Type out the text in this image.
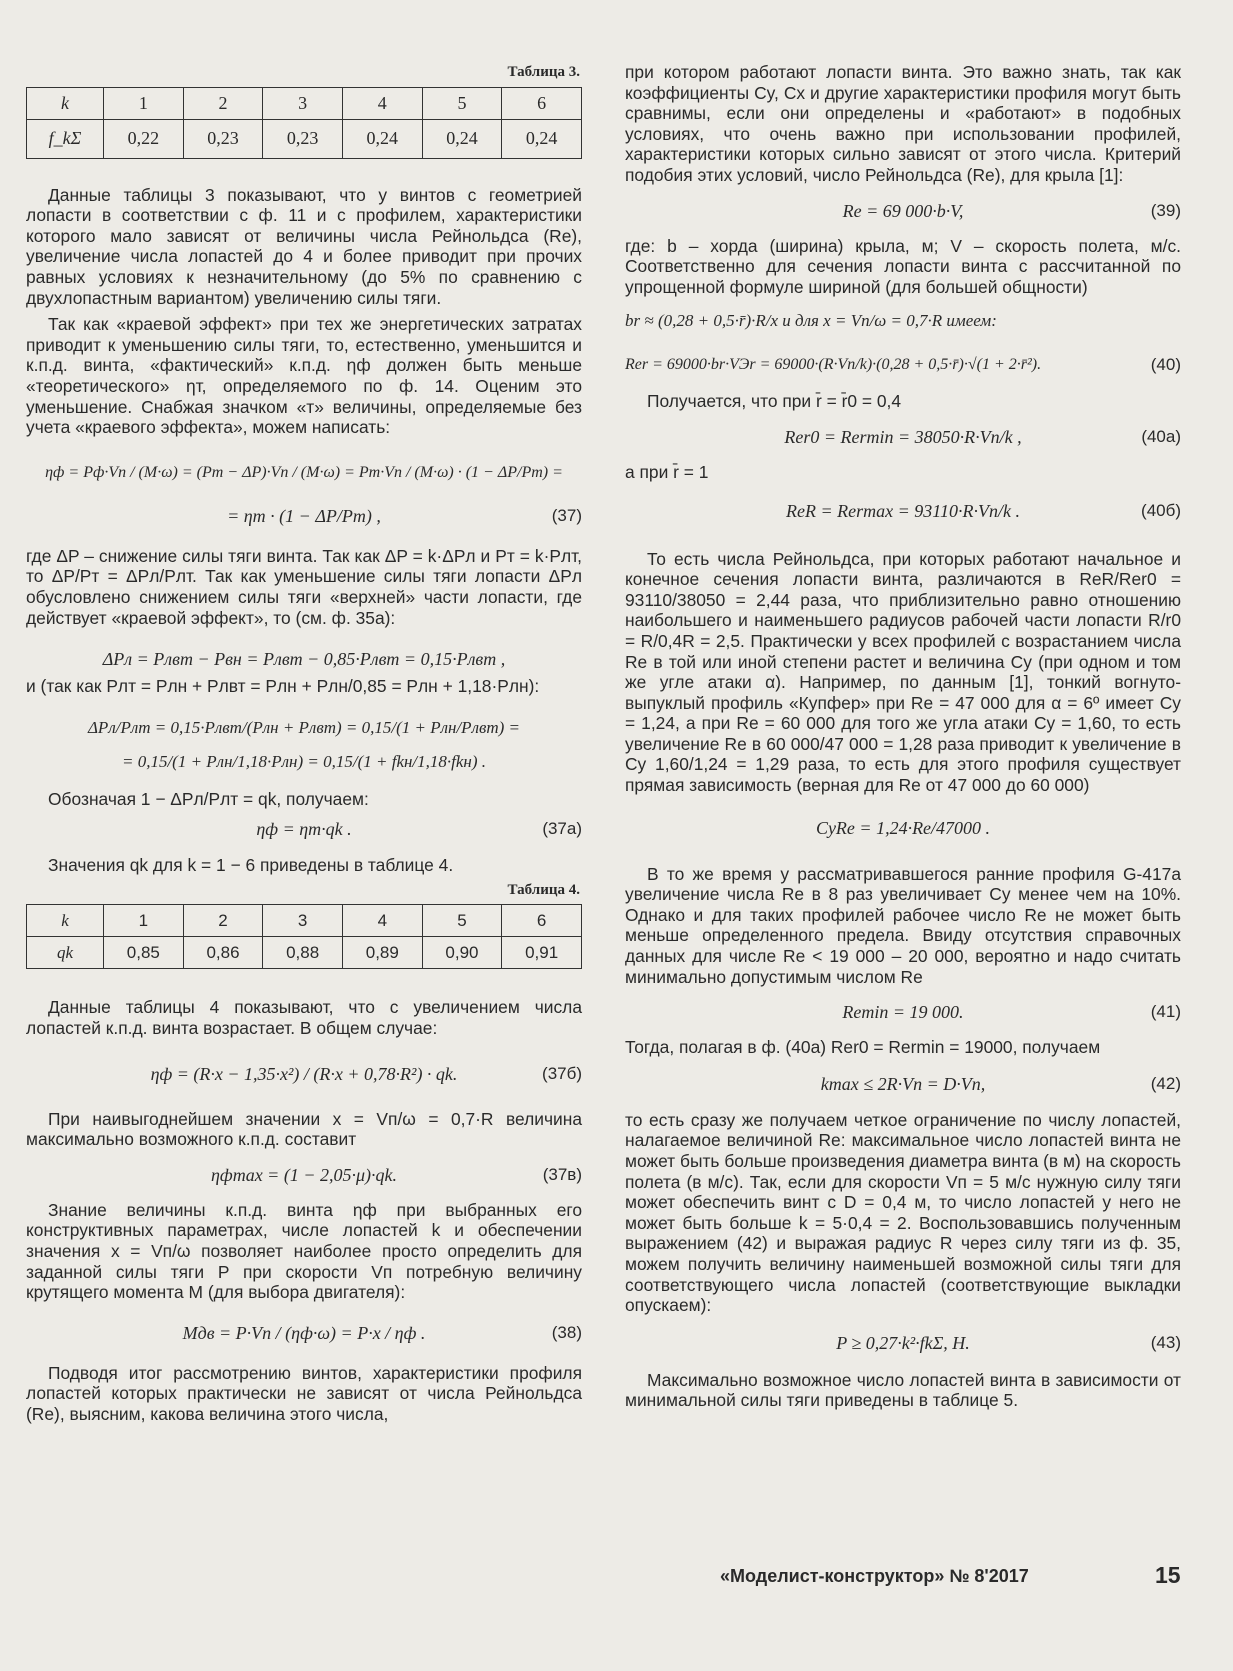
Таблица 3.
k	1	2	3	4	5	6
f_kΣ	0,22	0,23	0,23	0,24	0,24	0,24

Данные таблицы 3 показывают, что у винтов с геометрией лопасти в соответствии с ф. 11 и с профилем, характеристики которого мало зависят от величины числа Рейнольдса (Re), увеличение числа лопастей до 4 и более приводит при прочих равных условиях к незначительному (до 5% по сравнению с двухлопастным вариантом) увеличению силы тяги.

Так как «краевой эффект» при тех же энергетических затратах приводит к уменьшению силы тяги, то, естественно, уменьшится и к.п.д. винта, «фактический» к.п.д. ηф должен быть меньше «теоретического» ηт, определяемого по ф. 14. Оценим это уменьшение. Снабжая значком «т» величины, определяемые без учета «краевого эффекта», можем написать:

ηф = Pф·Vп / (M·ω) = (Pт − ΔP)·Vп / (M·ω) = Pт·Vп / (M·ω) · (1 − ΔP/Pт) =
= ηт · (1 − ΔP/Pт) ,	(37)

где ΔP – снижение силы тяги винта. Так как ΔP = k·ΔPл и Pт = k·Pлт, то ΔP/Pт = ΔPл/Pлт. Так как уменьшение силы тяги лопасти ΔPл обусловлено снижением силы тяги «верхней» части лопасти, где действует «краевой эффект», то (см. ф. 35а):

ΔPл = Pлвт − Pвн = Pлвт − 0,85·Pлвт = 0,15·Pлвт ,

и (так как Pлт = Pлн + Pлвт = Pлн + Pлн/0,85 = Pлн + 1,18·Pлн):

ΔPл/Pлт = 0,15·Pлвт/(Pлн + Pлвт) = 0,15/(1 + Pлн/Pлвт) =
= 0,15/(1 + Pлн/1,18·Pлн) = 0,15/(1 + fkн/1,18·fkн) .

Обозначая 1 − ΔPл/Pлт = qk, получаем:

ηф = ηт·qk .	(37а)

Значения qk для k = 1 − 6 приведены в таблице 4.

Таблица 4.
k	1	2	3	4	5	6
qk	0,85	0,86	0,88	0,89	0,90	0,91

Данные таблицы 4 показывают, что с увеличением числа лопастей к.п.д. винта возрастает. В общем случае:

ηф = (R·x − 1,35·x²) / (R·x + 0,78·R²) · qk.	(37б)

При наивыгоднейшем значении x = Vп/ω = 0,7·R величина максимально возможного к.п.д. составит

ηфmax = (1 − 2,05·μ)·qk.	(37в)

Знание величины к.п.д. винта ηф при выбранных его конструктивных параметрах, числе лопастей k и обеспечении значения x = Vп/ω позволяет наиболее просто определить для заданной силы тяги P при скорости Vп потребную величину крутящего момента M (для выбора двигателя):

Mдв = P·Vп / (ηф·ω) = P·x / ηф .	(38)

Подводя итог рассмотрению винтов, характеристики профиля лопастей которых практически не зависят от числа Рейнольдса (Re), выясним, какова величина этого числа,

при котором работают лопасти винта. Это важно знать, так как коэффициенты Cy, Cx и другие характеристики профиля могут быть сравнимы, если они определены и «работают» в подобных условиях, что очень важно при использовании профилей, характеристики которых сильно зависят от этого числа. Критерий подобия этих условий, число Рейнольдса (Re), для крыла [1]:

Re = 69 000·b·V,	(39)

где: b – хорда (ширина) крыла, м; V – скорость полета, м/с. Соответственно для сечения лопасти винта с рассчитанной по упрощенной формуле шириной (для большей общности)

br ≈ (0,28 + 0,5·r̄)·R/x и для x = Vп/ω = 0,7·R имеем:
Rer = 69000·br·VЭr = 69000·(R·Vп/k)·(0,28 + 0,5·r̄)·√(1 + 2·r̄²).	(40)

Получается, что при r̄ = r̄0 = 0,4

Rer0 = Rermin = 38050·R·Vп/k ,	(40а)

а при r̄ = 1

ReR = Rermax = 93110·R·Vп/k .	(40б)

То есть числа Рейнольдса, при которых работают начальное и конечное сечения лопасти винта, различаются в ReR/Rer0 = 93110/38050 = 2,44 раза, что приблизительно равно отношению наибольшего и наименьшего радиусов рабочей части лопасти R/r0 = R/0,4R = 2,5. Практически у всех профилей с возрастанием числа Re в той или иной степени растет и величина Cy (при одном и том же угле атаки α). Например, по данным [1], тонкий вогнуто-выпуклый профиль «Купфер» при Re = 47 000 для α = 6º имеет Cy = 1,24, а при Re = 60 000 для того же угла атаки Cy = 1,60, то есть увеличение Re в 60 000/47 000 = 1,28 раза приводит к увеличение в Cy 1,60/1,24 = 1,29 раза, то есть для этого профиля существует прямая зависимость (верная для Re от 47 000 до 60 000)

CyRe = 1,24·Re/47000 .

В то же время у рассматривавшегося ранние профиля G-417а увеличение числа Re в 8 раз увеличивает Cy менее чем на 10%. Однако и для таких профилей рабочее число Re не может быть меньше определенного предела. Ввиду отсутствия справочных данных для числе Re < 19 000 – 20 000, вероятно и надо считать минимально допустимым числом Re

Remin = 19 000.	(41)

Тогда, полагая в ф. (40а) Rer0 = Rermin = 19000, получаем

kmax ≤ 2R·Vп = D·Vп,	(42)

то есть сразу же получаем четкое ограничение по числу лопастей, налагаемое величиной Re: максимальное число лопастей винта не может быть больше произведения диаметра винта (в м) на скорость полета (в м/с). Так, если для скорости Vп = 5 м/с нужную силу тяги может обеспечить винт с D = 0,4 м, то число лопастей у него не может быть больше k = 5·0,4 = 2. Воспользовавшись полученным выражением (42) и выражая радиус R через силу тяги из ф. 35, можем получить величину наименьшей возможной силы тяги для соответствующего числа лопастей (соответствующие выкладки опускаем):

P ≥ 0,27·k²·fkΣ, Н.	(43)

Максимально возможное число лопастей винта в зависимости от минимальной силы тяги приведены в таблице 5.

«Моделист-конструктор» № 8'2017	15
